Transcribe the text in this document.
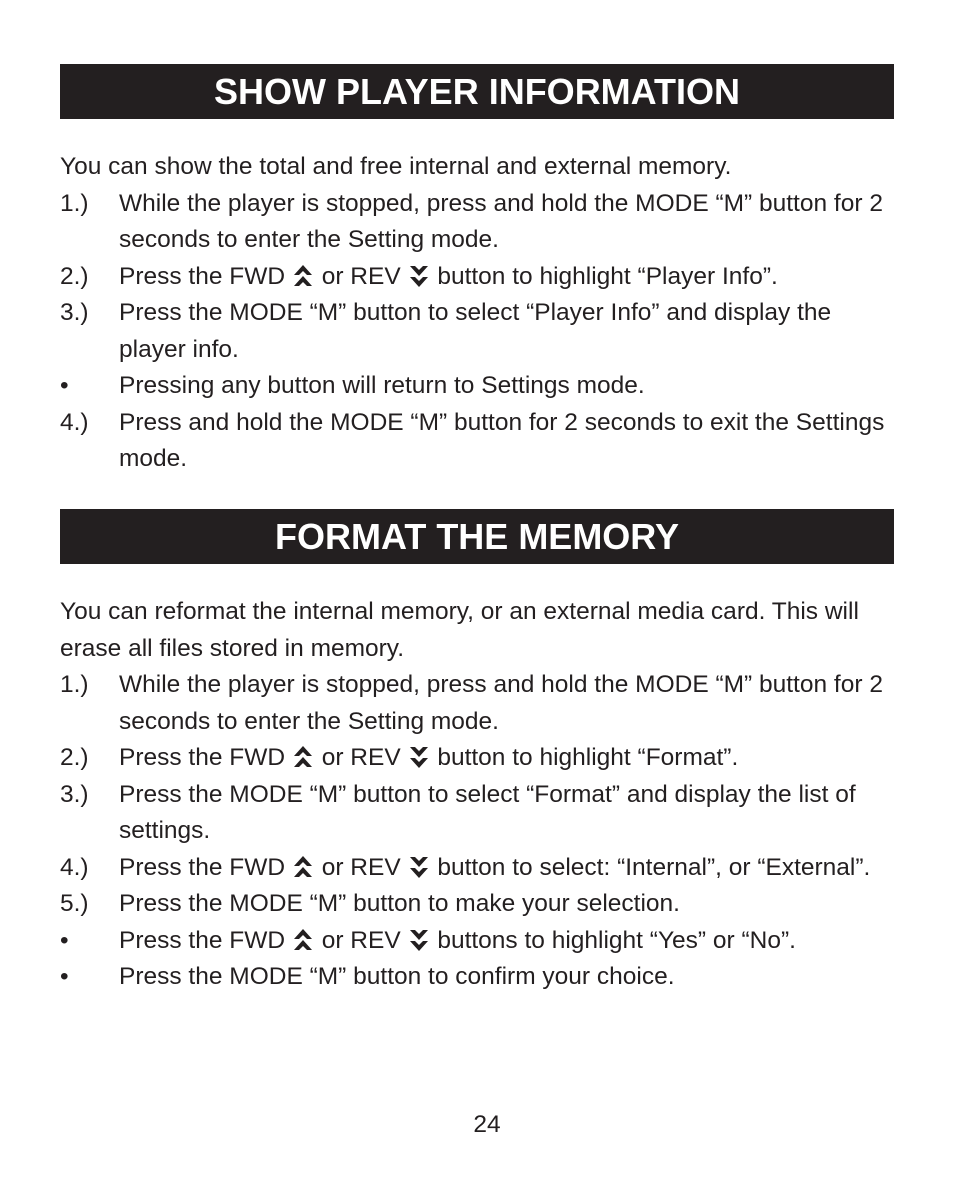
SHOW PLAYER INFORMATION

You can show the total and free internal and external memory.

1.) While the player is stopped, press and hold the MODE “M” button for 2 seconds to enter the Setting mode.
2.) Press the FWD or REV button to highlight “Player Info”.
3.) Press the MODE “M” button to select “Player Info” and display the player info.
• Pressing any button will return to Settings mode.
4.) Press and hold the MODE “M” button for 2 seconds to exit the Settings mode.
FORMAT THE MEMORY

You can reformat the internal memory, or an external media card. This will erase all files stored in memory.

1.) While the player is stopped, press and hold the MODE “M” button for 2 seconds to enter the Setting mode.
2.) Press the FWD or REV button to highlight “Format”.
3.) Press the MODE “M” button to select “Format” and display the list of settings.
4.) Press the FWD or REV button to select: “Internal”, or “External”.
5.) Press the MODE “M” button to make your selection.
• Press the FWD or REV buttons to highlight “Yes” or “No”.
• Press the MODE “M” button to confirm your choice.
24
